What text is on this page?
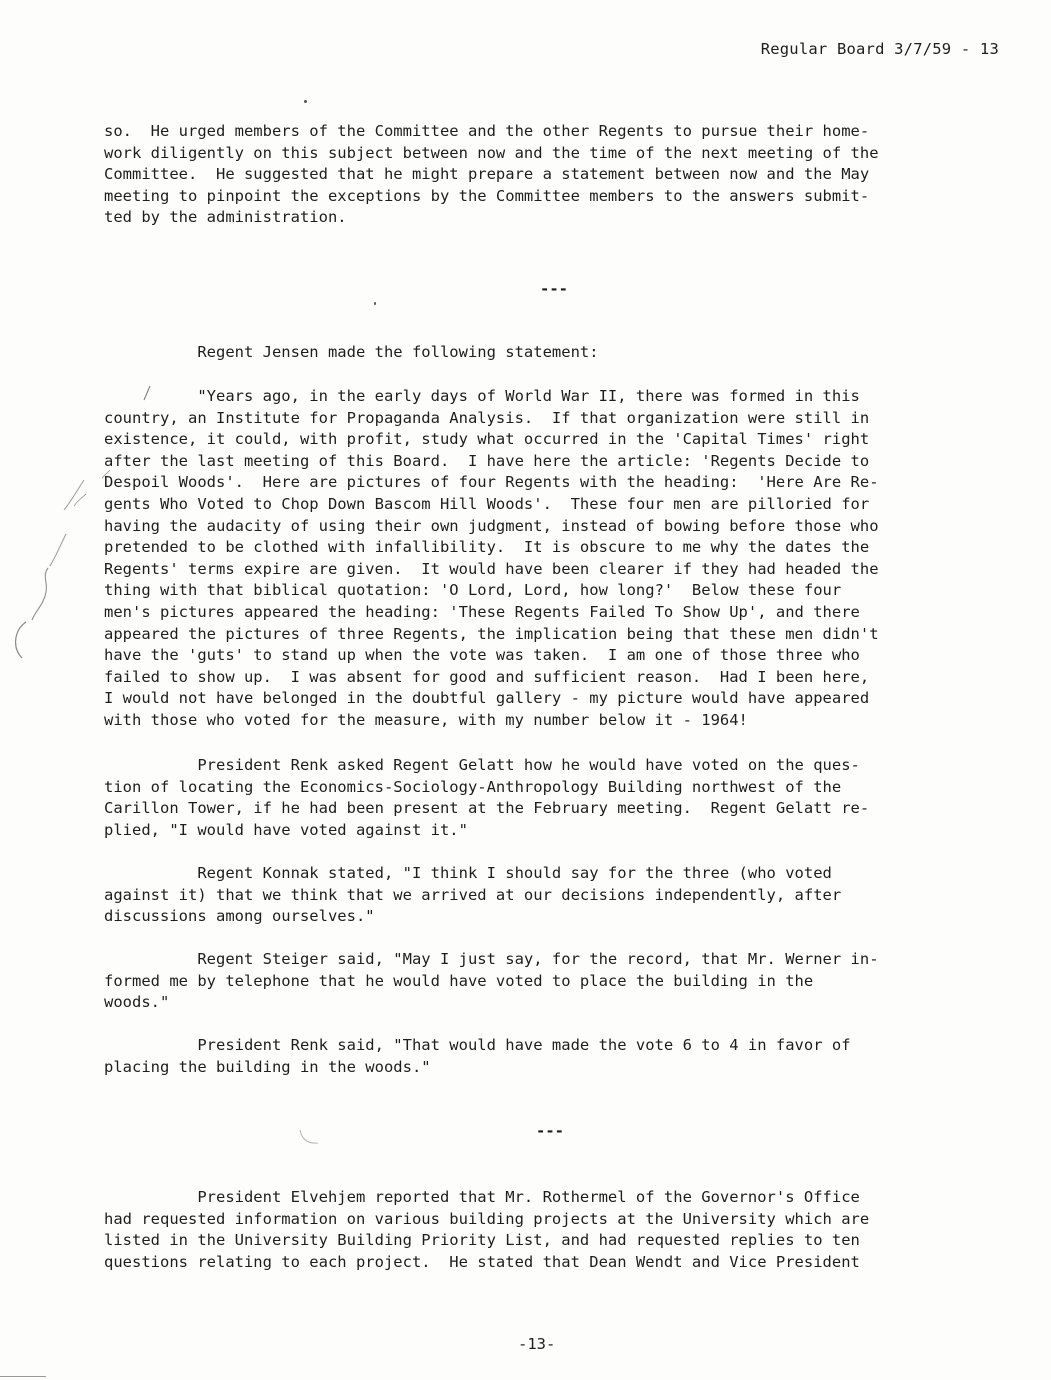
Regular Board 3/7/59 - 13
so.  He urged members of the Committee and the other Regents to pursue their home-
work diligently on this subject between now and the time of the next meeting of the
Committee.  He suggested that he might prepare a statement between now and the May
meeting to pinpoint the exceptions by the Committee members to the answers submit-
ted by the administration.
---
Regent Jensen made the following statement:
"Years ago, in the early days of World War II, there was formed in this
country, an Institute for Propaganda Analysis.  If that organization were still in
existence, it could, with profit, study what occurred in the 'Capital Times' right
after the last meeting of this Board.  I have here the article: 'Regents Decide to
Despoil Woods'.  Here are pictures of four Regents with the heading:  'Here Are Re-
gents Who Voted to Chop Down Bascom Hill Woods'.  These four men are pilloried for
having the audacity of using their own judgment, instead of bowing before those who
pretended to be clothed with infallibility.  It is obscure to me why the dates the
Regents' terms expire are given.  It would have been clearer if they had headed the
thing with that biblical quotation: 'O Lord, Lord, how long?'  Below these four
men's pictures appeared the heading: 'These Regents Failed To Show Up', and there
appeared the pictures of three Regents, the implication being that these men didn't
have the 'guts' to stand up when the vote was taken.  I am one of those three who
failed to show up.  I was absent for good and sufficient reason.  Had I been here,
I would not have belonged in the doubtful gallery - my picture would have appeared
with those who voted for the measure, with my number below it - 1964!
President Renk asked Regent Gelatt how he would have voted on the ques-
tion of locating the Economics-Sociology-Anthropology Building northwest of the
Carillon Tower, if he had been present at the February meeting.  Regent Gelatt re-
plied, "I would have voted against it."
Regent Konnak stated, "I think I should say for the three (who voted
against it) that we think that we arrived at our decisions independently, after
discussions among ourselves."
Regent Steiger said, "May I just say, for the record, that Mr. Werner in-
formed me by telephone that he would have voted to place the building in the
woods."
President Renk said, "That would have made the vote 6 to 4 in favor of
placing the building in the woods."
---
President Elvehjem reported that Mr. Rothermel of the Governor's Office
had requested information on various building projects at the University which are
listed in the University Building Priority List, and had requested replies to ten
questions relating to each project.  He stated that Dean Wendt and Vice President
-13-
